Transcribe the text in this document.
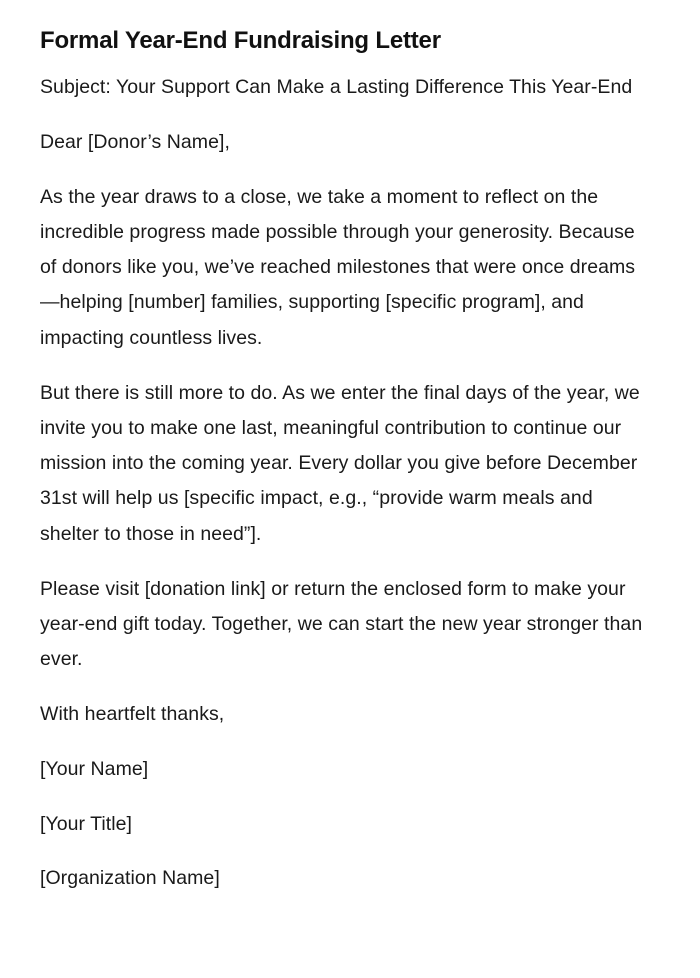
Formal Year-End Fundraising Letter

Subject: Your Support Can Make a Lasting Difference This Year-End

Dear [Donor’s Name],

As the year draws to a close, we take a moment to reflect on the incredible progress made possible through your generosity. Because of donors like you, we’ve reached milestones that were once dreams—helping [number] families, supporting [specific program], and impacting countless lives.

But there is still more to do. As we enter the final days of the year, we invite you to make one last, meaningful contribution to continue our mission into the coming year. Every dollar you give before December 31st will help us [specific impact, e.g., “provide warm meals and shelter to those in need”].

Please visit [donation link] or return the enclosed form to make your year-end gift today. Together, we can start the new year stronger than ever.

With heartfelt thanks,

[Your Name]

[Your Title]

[Organization Name]
